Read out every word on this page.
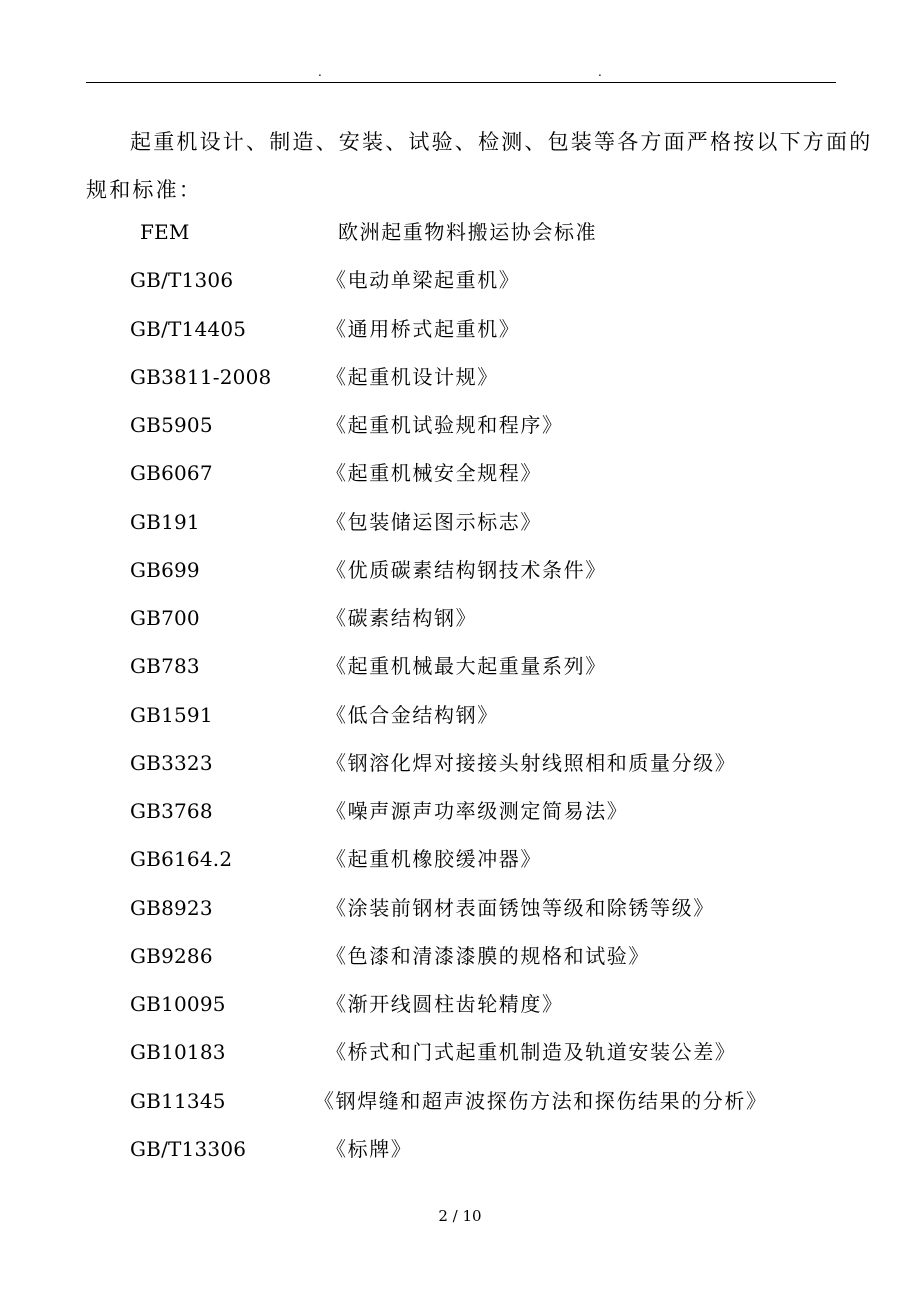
.	.
起重机设计、制造、安装、试验、检测、包装等各方面严格按以下方面的
规和标准：
FEM	欧洲起重物料搬运协会标准
GB/T1306	《电动单梁起重机》
GB/T14405	《通用桥式起重机》
GB3811-2008	《起重机设计规》
GB5905	《起重机试验规和程序》
GB6067	《起重机械安全规程》
GB191	《包装储运图示标志》
GB699	《优质碳素结构钢技术条件》
GB700	《碳素结构钢》
GB783	《起重机械最大起重量系列》
GB1591	《低合金结构钢》
GB3323	《钢溶化焊对接接头射线照相和质量分级》
GB3768	《噪声源声功率级测定简易法》
GB6164.2	《起重机橡胶缓冲器》
GB8923	《涂装前钢材表面锈蚀等级和除锈等级》
GB9286	《色漆和清漆漆膜的规格和试验》
GB10095	《渐开线圆柱齿轮精度》
GB10183	《桥式和门式起重机制造及轨道安装公差》
GB11345	《钢焊缝和超声波探伤方法和探伤结果的分析》
GB/T13306	《标牌》
2 / 10
